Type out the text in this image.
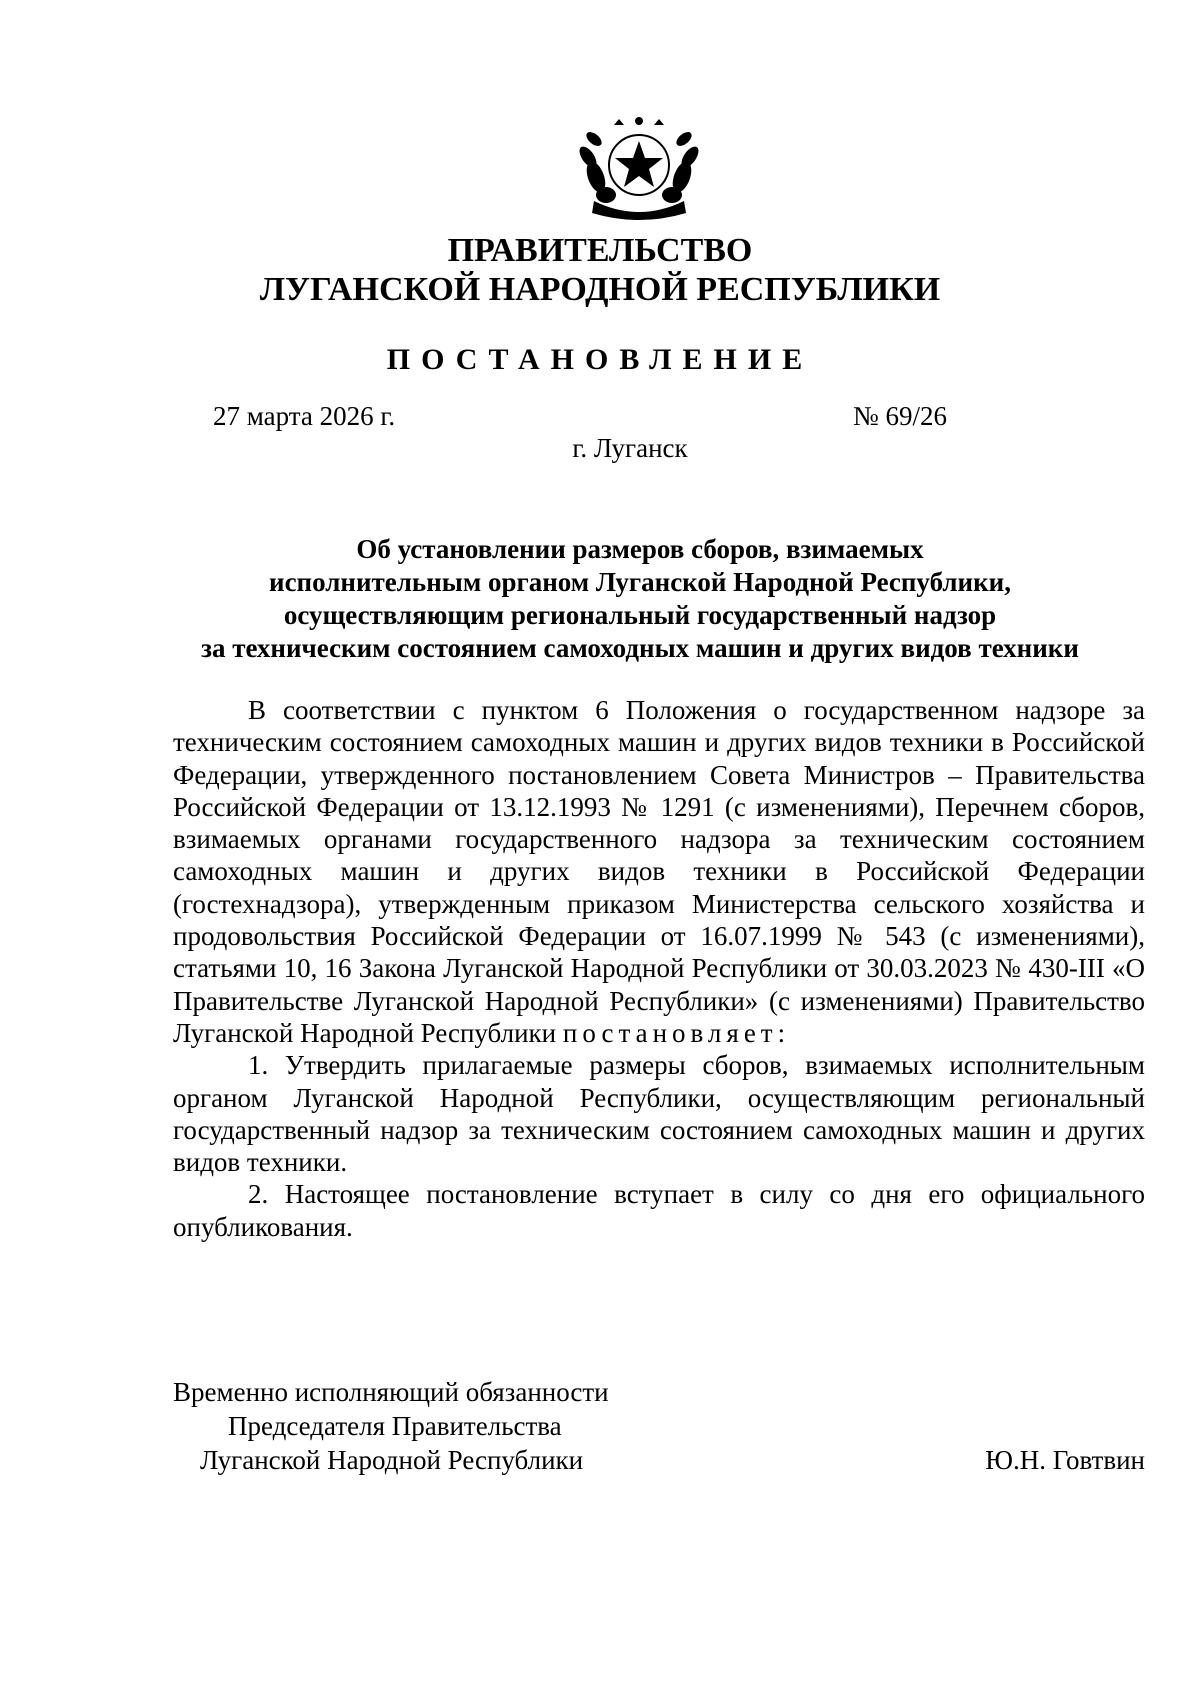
ПРАВИТЕЛЬСТВО
ЛУГАНСКОЙ НАРОДНОЙ РЕСПУБЛИКИ
ПОСТАНОВЛЕНИЕ
27 марта 2026 г.	№ 69/26
г. Луганск
Об установлении размеров сборов, взимаемых
исполнительным органом Луганской Народной Республики,
осуществляющим региональный государственный надзор
за техническим состоянием самоходных машин и других видов техники

В соответствии с пунктом 6 Положения о государственном надзоре за техническим состоянием самоходных машин и других видов техники в Российской Федерации, утвержденного постановлением Совета Министров – Правительства Российской Федерации от 13.12.1993 № 1291 (с изменениями), Перечнем сборов, взимаемых органами государственного надзора за техническим состоянием самоходных машин и других видов техники в Российской Федерации (гостехнадзора), утвержденным приказом Министерства сельского хозяйства и продовольствия Российской Федерации от 16.07.1999 № 543 (с изменениями), статьями 10, 16 Закона Луганской Народной Республики от 30.03.2023 № 430-III «О Правительстве Луганской Народной Республики» (с изменениями) Правительство Луганской Народной Республики постановляет:

1. Утвердить прилагаемые размеры сборов, взимаемых исполнительным органом Луганской Народной Республики, осуществляющим региональный государственный надзор за техническим состоянием самоходных машин и других видов техники.

2. Настоящее постановление вступает в силу со дня его официального опубликования.

Временно исполняющий обязанности
Председателя Правительства
Луганской Народной Республики	Ю.Н. Говтвин
